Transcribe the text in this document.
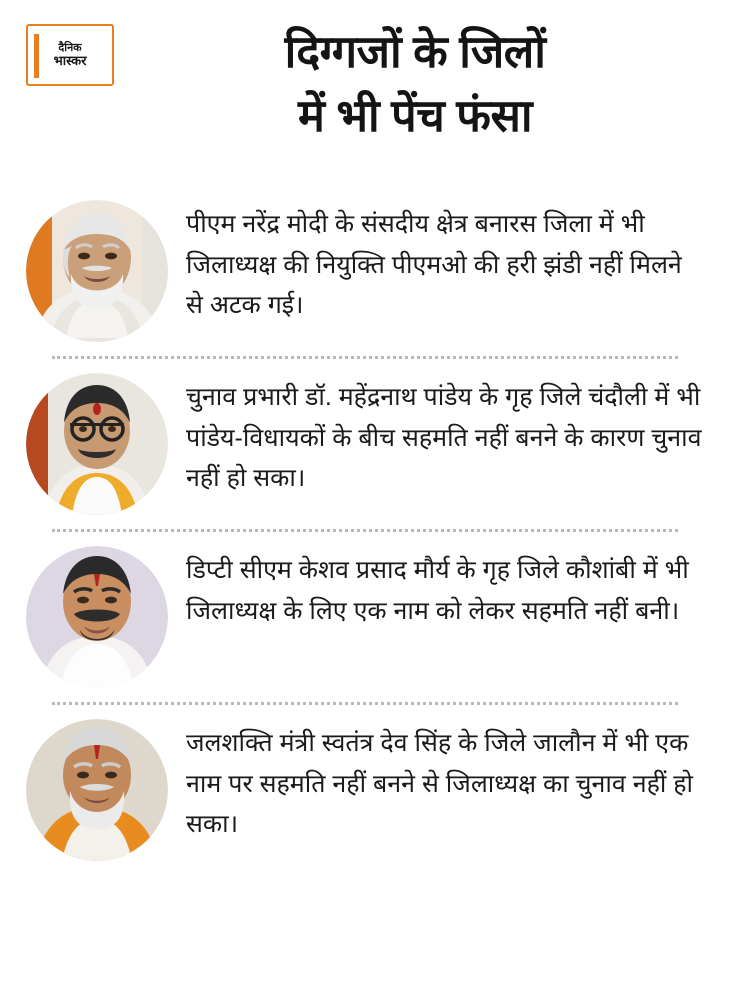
दैनिक
भास्कर	दिग्गजों के जिलों
में भी पेंच फंसा
पीएम नरेंद्र मोदी के संसदीय क्षेत्र बनारस जिला में भी जिलाध्यक्ष की नियुक्ति पीएमओ की हरी झंडी नहीं मिलने से अटक गई।
चुनाव प्रभारी डॉ. महेंद्रनाथ पांडेय के गृह जिले चंदौली में भी पांडेय-विधायकों के बीच सहमति नहीं बनने के कारण चुनाव नहीं हो सका।
डिप्टी सीएम केशव प्रसाद मौर्य के गृह जिले कौशांबी में भी जिलाध्यक्ष के लिए एक नाम को लेकर सहमति नहीं बनी।
जलशक्ति मंत्री स्वतंत्र देव सिंह के जिले जालौन में भी एक नाम पर सहमति नहीं बनने से जिलाध्यक्ष का चुनाव नहीं हो सका।
